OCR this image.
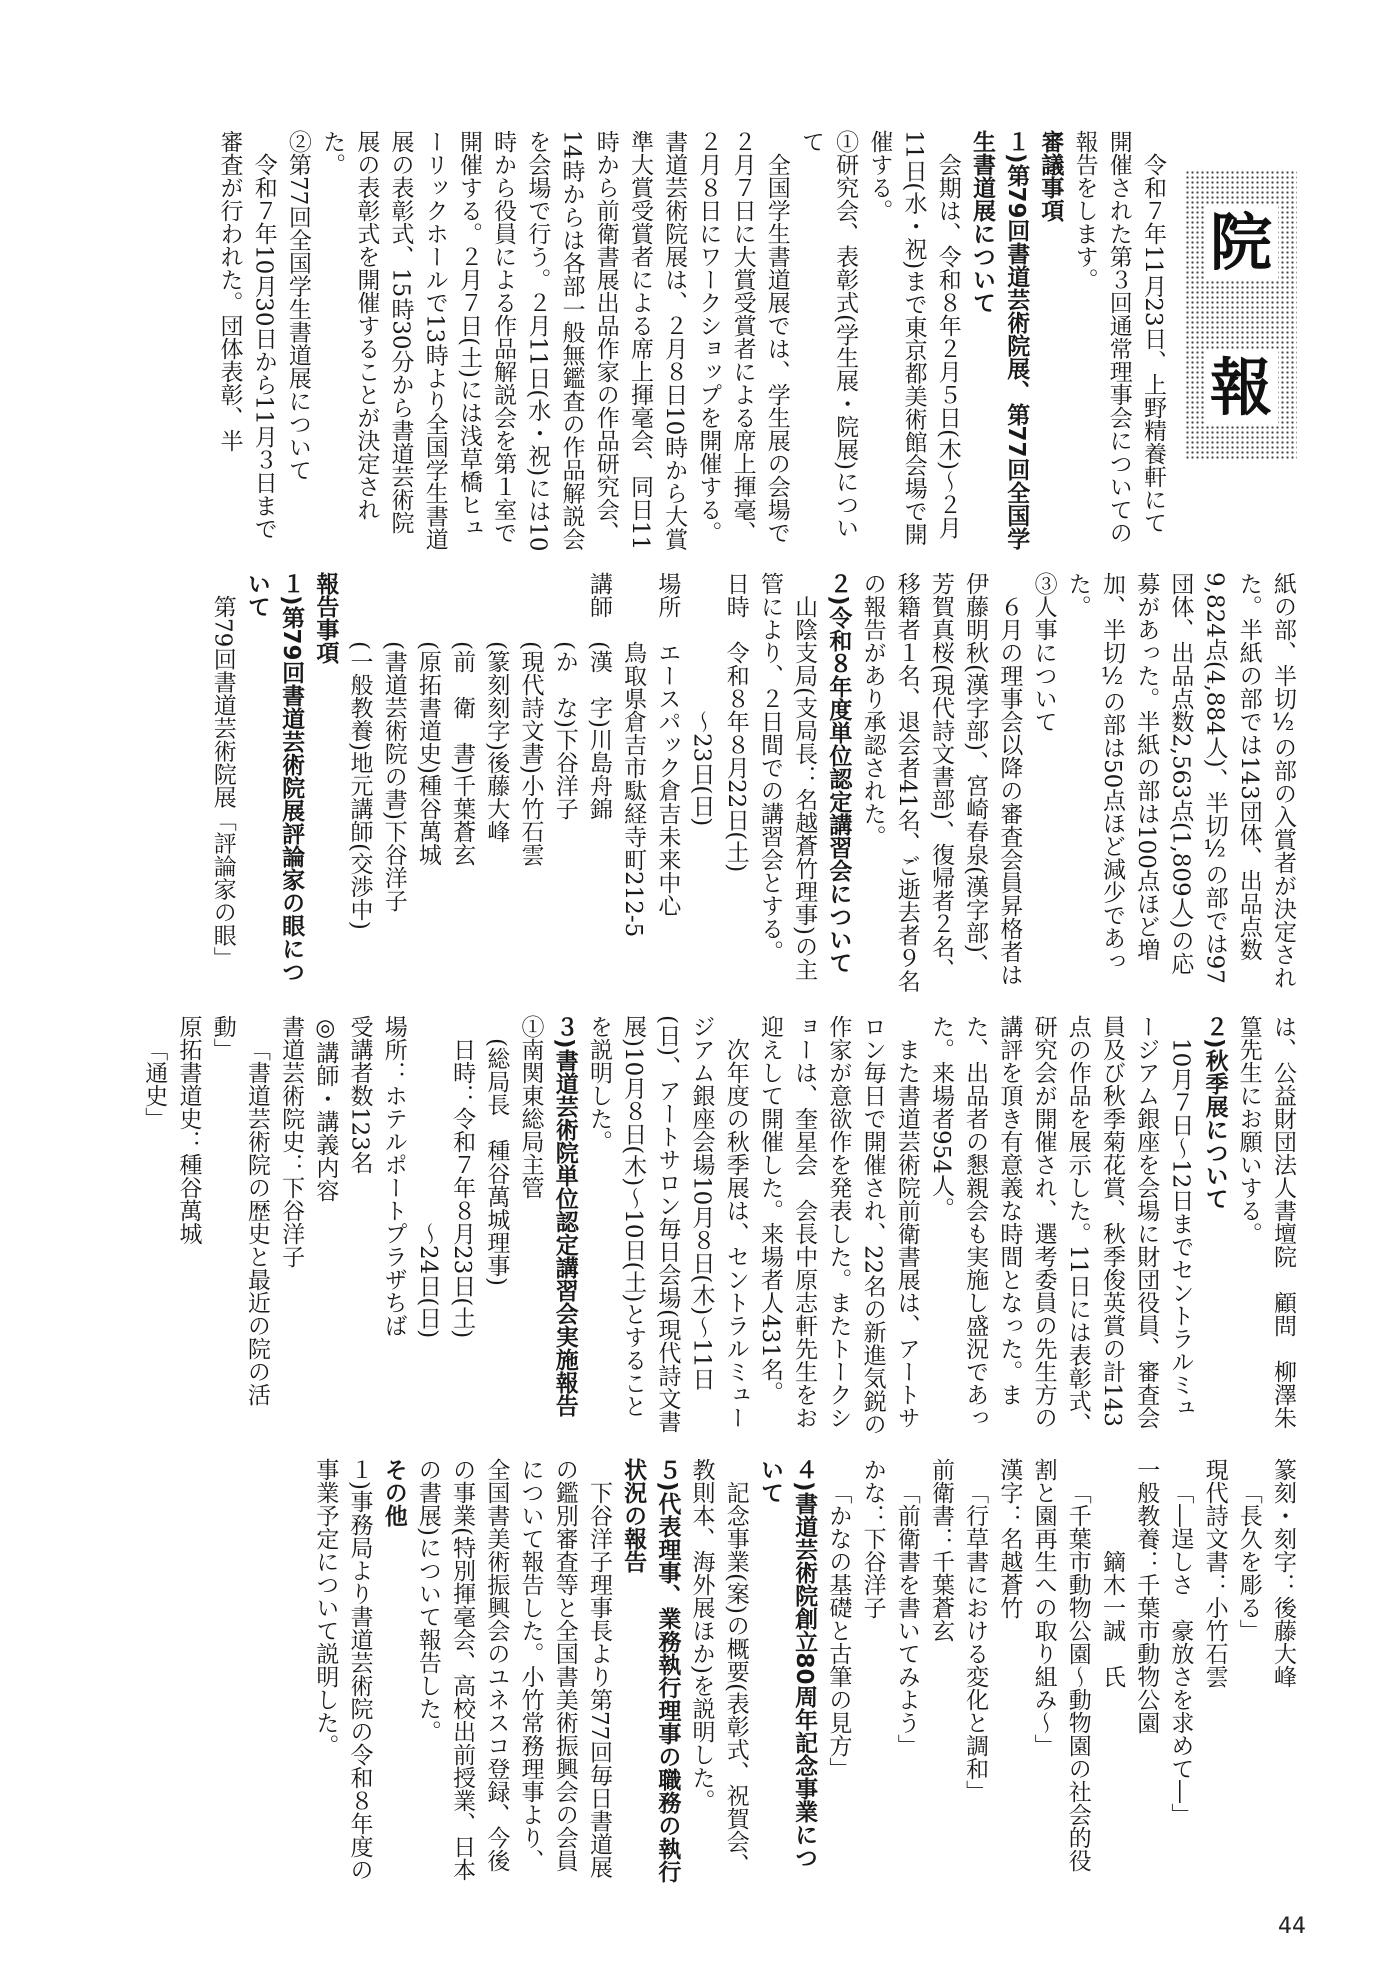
院
報

令和７年11月23日、上野精養軒にて開催された第３回通常理事会についての報告をします。

審議事項

１)第79回書道芸術院展、第77回全国学生書道展について

会期は、令和８年２月５日(木)～２月11日(水・祝)まで東京都美術館会場で開催する。

①研究会、表彰式(学生展・院展)について

全国学生書道展では、学生展の会場で２月７日に大賞受賞者による席上揮毫、２月８日にワークショップを開催する。書道芸術院展は、２月８日10時から大賞準大賞受賞者による席上揮毫会、同日11時から前衛書展出品作家の作品研究会、14時からは各部一般無鑑査の作品解説会を会場で行う。２月11日(水・祝)には10時から役員による作品解説会を第１室で開催する。２月７日(土)には浅草橋ヒューリックホールで13時より全国学生書道展の表彰式、15時30分から書道芸術院展の表彰式を開催することが決定された。

②第77回全国学生書道展について

令和７年10月30日から11月３日まで審査が行われた。団体表彰、半

紙の部、半切½の部の入賞者が決定された。半紙の部では143団体、出品点数9,824点(4,884人)、半切½の部では97団体、出品点数2,563点(1,809人)の応募があった。半紙の部は100点ほど増加、半切½の部は50点ほど減少であった。

③人事について

６月の理事会以降の審査会員昇格者は伊藤明秋(漢字部)、宮崎春泉(漢字部)、芳賀真桜(現代詩文書部)、復帰者２名、移籍者１名、退会者41名、ご逝去者９名の報告があり承認された。

２)令和８年度単位認定講習会について

山陰支局(支局長：名越蒼竹理事)の主管により、２日間での講習会とする。

日時　令和８年８月22日(土)

～23日(日)

場所　エースパック倉吉未来中心

鳥取県倉吉市駄経寺町212-5

講師　(漢　字)川島舟錦

(か　な)下谷洋子

(現代詩文書)小竹石雲

(篆刻刻字)後藤大峰

(前　衛　書)千葉蒼玄

(原拓書道史)種谷萬城

(書道芸術院の書)下谷洋子

(一般教養)地元講師(交渉中)

報告事項

１)第79回書道芸術院展評論家の眼について

第79回書道芸術院展「評論家の眼」

は、公益財団法人書壇院　顧問　柳澤朱篁先生にお願いする。

２)秋季展について

10月７日～12日までセントラルミュージアム銀座を会場に財団役員、審査会員及び秋季菊花賞、秋季俊英賞の計143点の作品を展示した。11日には表彰式、研究会が開催され、選考委員の先生方の講評を頂き有意義な時間となった。また、出品者の懇親会も実施し盛況であった。来場者954人。

また書道芸術院前衛書展は、アートサロン毎日で開催され、22名の新進気鋭の作家が意欲作を発表した。またトークショーは、奎星会　会長中原志軒先生をお迎えして開催した。来場者人431名。

次年度の秋季展は、セントラルミュージアム銀座会場10月８日(木)～11日(日)、アートサロン毎日会場(現代詩文書展)10月８日(木)～10日(土)とすることを説明した。

３)書道芸術院単位認定講習会実施報告

①南関東総局主管

(総局長　種谷萬城理事)

日時：令和７年８月23日(土)

～24日(日)

場所：ホテルポートプラザちば

受講者数123名

◎講師・講義内容

書道芸術院史：下谷洋子

「書道芸術院の歴史と最近の院の活動」

原拓書道史：種谷萬城

「通史」

篆刻・刻字：後藤大峰

「長久を彫る」

現代詩文書：小竹石雲

「―逞しさ　豪放さを求めて―」

一般教養：千葉市動物公園

鏑木一誠　氏

「千葉市動物公園～動物園の社会的役割と園再生への取り組み～」

漢字：名越蒼竹

「行草書における変化と調和」

前衛書：千葉蒼玄

「前衛書を書いてみよう」

かな：下谷洋子

「かなの基礎と古筆の見方」

４)書道芸術院創立80周年記念事業について

記念事業(案)の概要(表彰式、祝賀会、教則本、海外展ほか)を説明した。

５)代表理事、業務執行理事の職務の執行状況の報告

下谷洋子理事長より第77回毎日書道展の鑑別審査等と全国書美術振興会の会員について報告した。小竹常務理事より、全国書美術振興会のユネスコ登録、今後の事業(特別揮毫会、高校出前授業、日本の書展)について報告した。

その他

１)事務局より書道芸術院の令和８年度の事業予定について説明した。

44
